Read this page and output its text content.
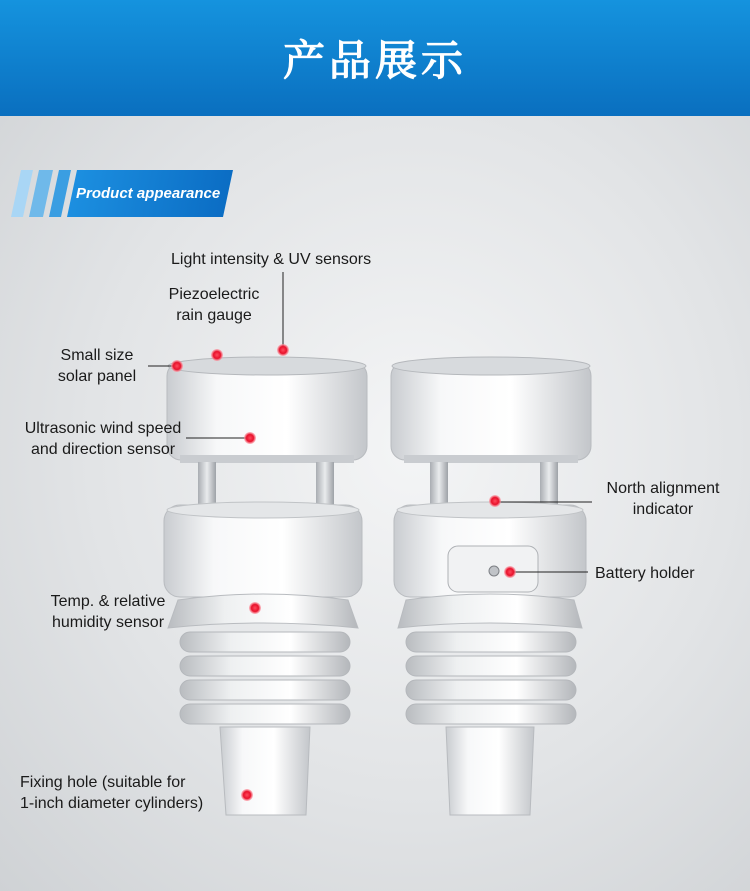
产品展示
Product appearance
Light intensity & UV sensors
Piezoelectric
rain gauge
Small size
solar panel
Ultrasonic wind speed
and direction sensor
Temp. & relative
humidity sensor
Fixing hole (suitable for
1-inch diameter cylinders)
North alignment
indicator
Battery holder
